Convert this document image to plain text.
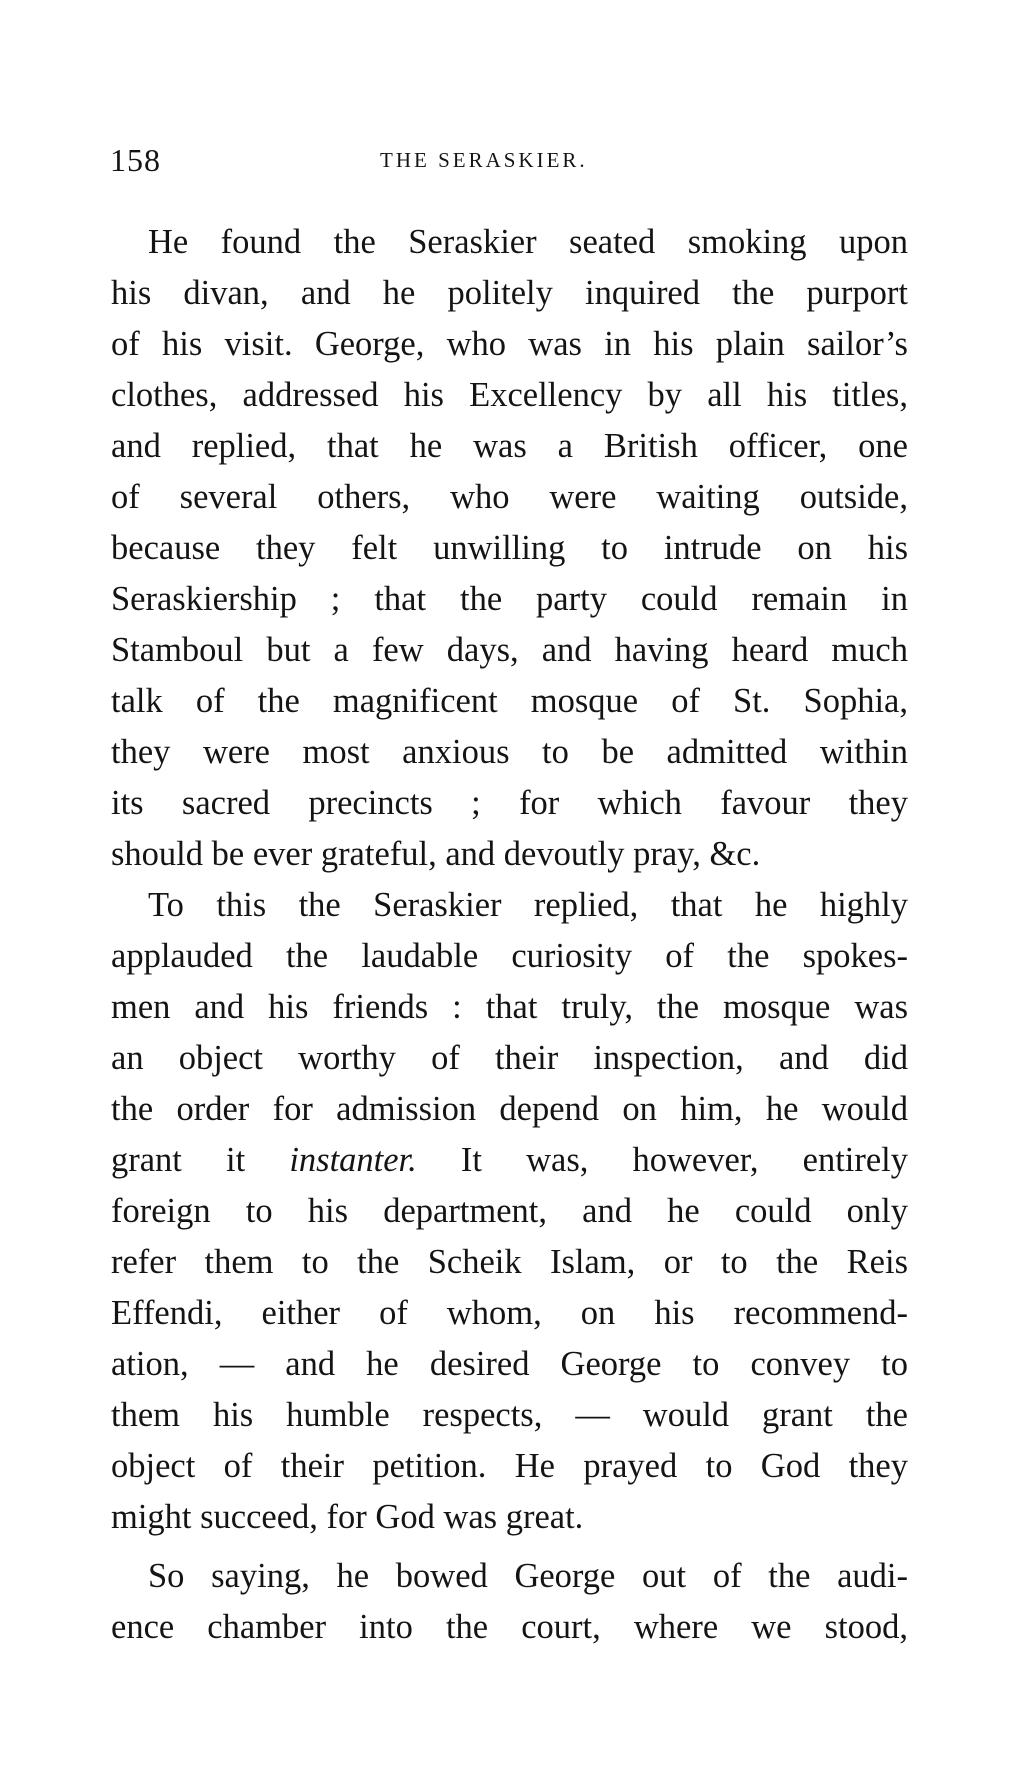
158	THE SERASKIER.
He found the Seraskier seated smoking upon
his divan, and he politely inquired the purport
of his visit. George, who was in his plain sailor’s
clothes, addressed his Excellency by all his titles,
and replied, that he was a British officer, one
of several others, who were waiting outside,
because they felt unwilling to intrude on his
Seraskiership ; that the party could remain in
Stamboul but a few days, and having heard much
talk of the magnificent mosque of St. Sophia,
they were most anxious to be admitted within
its sacred precincts ; for which favour they
should be ever grateful, and devoutly pray, &c.
To this the Seraskier replied, that he highly
applauded the laudable curiosity of the spokes-
men and his friends : that truly, the mosque was
an object worthy of their inspection, and did
the order for admission depend on him, he would
grant it instanter. It was, however, entirely
foreign to his department, and he could only
refer them to the Scheik Islam, or to the Reis
Effendi, either of whom, on his recommend-
ation, — and he desired George to convey to
them his humble respects, — would grant the
object of their petition. He prayed to God they
might succeed, for God was great.
So saying, he bowed George out of the audi-
ence chamber into the court, where we stood,
